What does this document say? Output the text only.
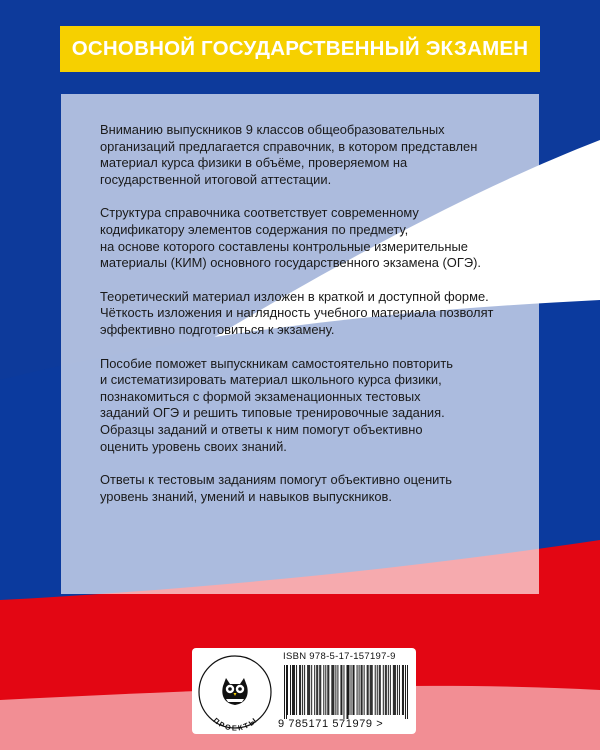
ОСНОВНОЙ ГОСУДАРСТВЕННЫЙ ЭКЗАМЕН

Вниманию выпускников 9 классов общеобразовательных
организаций предлагается справочник, в котором представлен
материал курса физики в объёме, проверяемом на
государственной итоговой аттестации.

Структура справочника соответствует современному
кодификатору элементов содержания по предмету,
на основе которого составлены контрольные измерительные
материалы (КИМ) основного государственного экзамена (ОГЭ).

Теоретический материал изложен в краткой и доступной форме.
Чёткость изложения и наглядность учебного материала позволят
эффективно подготовиться к экзамену.

Пособие поможет выпускникам самостоятельно повторить
и систематизировать материал школьного курса физики,
познакомиться с формой экзаменационных тестовых
заданий ОГЭ и решить типовые тренировочные задания.
Образцы заданий и ответы к ним помогут объективно
оценить уровень своих знаний.

Ответы к тестовым заданиям помогут объективно оценить
уровень знаний, умений и навыков выпускников.

ПРОЕКТЫ
ISBN 978-5-17-157197-9
9 785171 571979 >
